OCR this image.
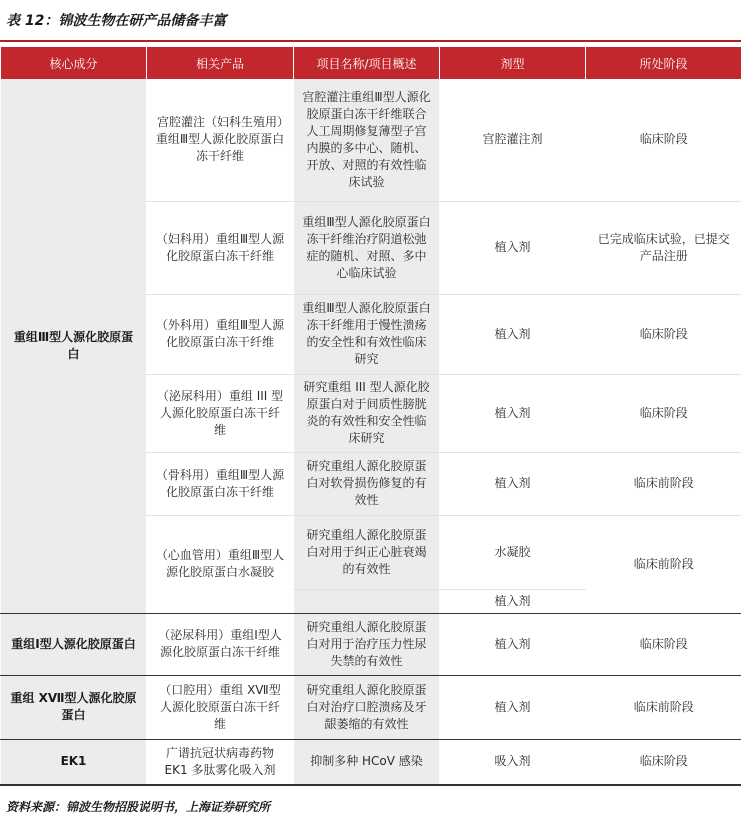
表 12：锦波生物在研产品储备丰富
核心成分	相关产品	项目名称/项目概述	剂型	所处阶段
重组Ⅲ型人源化胶原蛋白	宫腔灌注（妇科生殖用）重组Ⅲ型人源化胶原蛋白冻干纤维	宫腔灌注重组Ⅲ型人源化胶原蛋白冻干纤维联合人工周期修复薄型子宫内膜的多中心、随机、开放、对照的有效性临床试验	宫腔灌注剂	临床阶段
	（妇科用）重组Ⅲ型人源化胶原蛋白冻干纤维	重组Ⅲ型人源化胶原蛋白冻干纤维治疗阴道松弛症的随机、对照、多中心临床试验	植入剂	已完成临床试验，已提交产品注册
	（外科用）重组Ⅲ型人源化胶原蛋白冻干纤维	重组Ⅲ型人源化胶原蛋白冻干纤维用于慢性溃疡的安全性和有效性临床研究	植入剂	临床阶段
	（泌尿科用）重组 III 型人源化胶原蛋白冻干纤维	研究重组 III 型人源化胶原蛋白对于间质性膀胱炎的有效性和安全性临床研究	植入剂	临床阶段
	（骨科用）重组Ⅲ型人源化胶原蛋白冻干纤维	研究重组人源化胶原蛋白对软骨损伤修复的有效性	植入剂	临床前阶段
	（心血管用）重组Ⅲ型人源化胶原蛋白水凝胶	研究重组人源化胶原蛋白对用于纠正心脏衰竭的有效性	水凝胶	临床前阶段
			植入剂	
重组Ⅰ型人源化胶原蛋白	（泌尿科用）重组Ⅰ型人源化胶原蛋白冻干纤维	研究重组人源化胶原蛋白对用于治疗压力性尿失禁的有效性	植入剂	临床阶段
重组 XⅦ型人源化胶原蛋白	（口腔用）重组 XⅦ型人源化胶原蛋白冻干纤维	研究重组人源化胶原蛋白对治疗口腔溃疡及牙龈萎缩的有效性	植入剂	临床前阶段
EK1	广谱抗冠状病毒药物 EK1 多肽雾化吸入剂	抑制多种 HCoV 感染	吸入剂	临床阶段
资料来源：锦波生物招股说明书，上海证券研究所
